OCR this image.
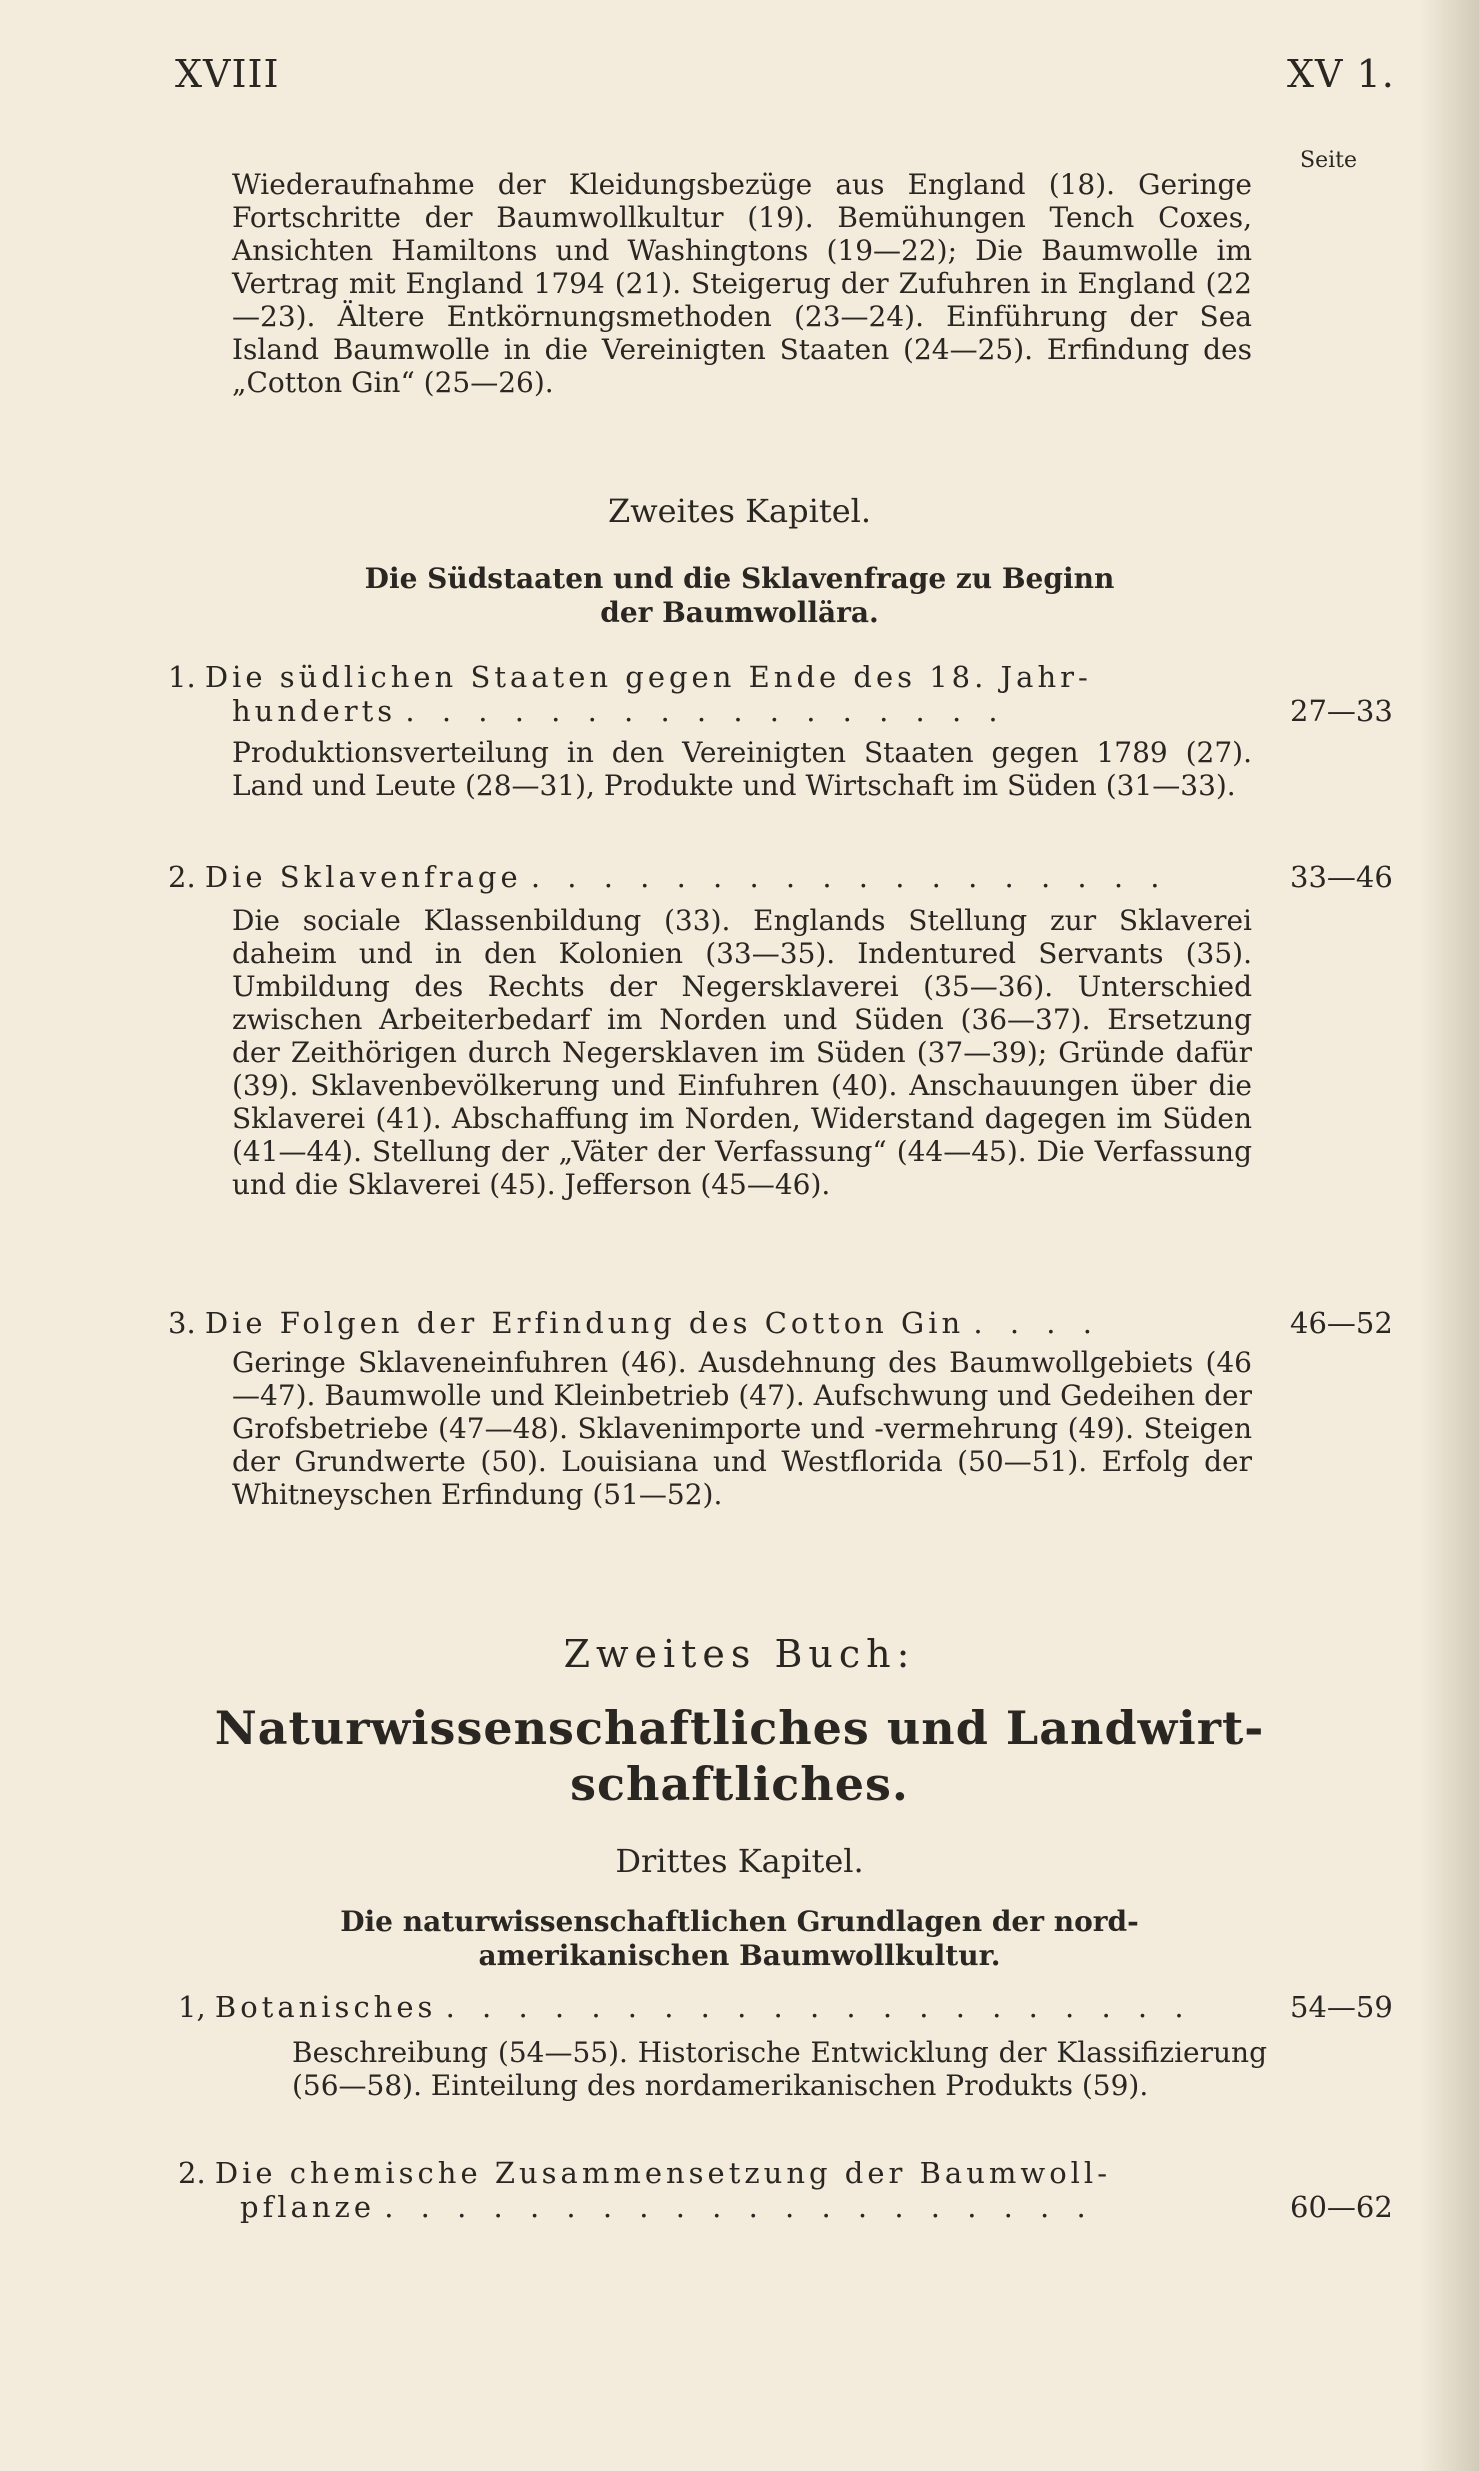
XVIII	XV 1.
Seite
Wiederaufnahme der Kleidungsbezüge aus England (18). Geringe Fortschritte der Baumwollkultur (19). Bemühungen Tench Coxes, Ansichten Hamiltons und Washingtons (19—22); Die Baumwolle im Vertrag mit England 1794 (21). Steigerug der Zufuhren in England (22—23). Ältere Entkörnungsmethoden (23—24). Einführung der Sea Island Baumwolle in die Vereinigten Staaten (24—25). Erfindung des „Cotton Gin“ (25—26).
Zweites Kapitel.
Die Südstaaten und die Sklavenfrage zu Beginn
der Baumwollära.
1. Die südlichen Staaten gegen Ende des 18. Jahr-
hunderts . . . . . . . . . . . . . . . . .	27—33
Produktionsverteilung in den Vereinigten Staaten gegen 1789 (27). Land und Leute (28—31), Produkte und Wirtschaft im Süden (31—33).
2. Die Sklavenfrage . . . . . . . . . . . . . . . . . .	33—46
Die sociale Klassenbildung (33). Englands Stellung zur Sklaverei daheim und in den Kolonien (33—35). Indentured Servants (35). Umbildung des Rechts der Negersklaverei (35—36). Unterschied zwischen Arbeiterbedarf im Norden und Süden (36—37). Ersetzung der Zeithörigen durch Negersklaven im Süden (37—39); Gründe dafür (39). Sklavenbevölkerung und Einfuhren (40). Anschauungen über die Sklaverei (41). Abschaffung im Norden, Widerstand dagegen im Süden (41—44). Stellung der „Väter der Verfassung“ (44—45). Die Verfassung und die Sklaverei (45). Jefferson (45—46).
3. Die Folgen der Erfindung des Cotton Gin . . . .	46—52
Geringe Sklaveneinfuhren (46). Ausdehnung des Baumwollgebiets (46—47). Baumwolle und Kleinbetrieb (47). Aufschwung und Gedeihen der Grofsbetriebe (47—48). Sklavenimporte und -vermehrung (49). Steigen der Grundwerte (50). Louisiana und Westflorida (50—51). Erfolg der Whitneyschen Erfindung (51—52).
Zweites Buch:
Naturwissenschaftliches und Landwirt-
schaftliches.
Drittes Kapitel.
Die naturwissenschaftlichen Grundlagen der nord-
amerikanischen Baumwollkultur.
1, Botanisches . . . . . . . . . . . . . . . . . . . . .	54—59
Beschreibung (54—55). Historische Entwicklung der Klassifizierung (56—58). Einteilung des nordamerikanischen Produkts (59).
2. Die chemische Zusammensetzung der Baumwoll-
pflanze . . . . . . . . . . . . . . . . . . . .	60—62
